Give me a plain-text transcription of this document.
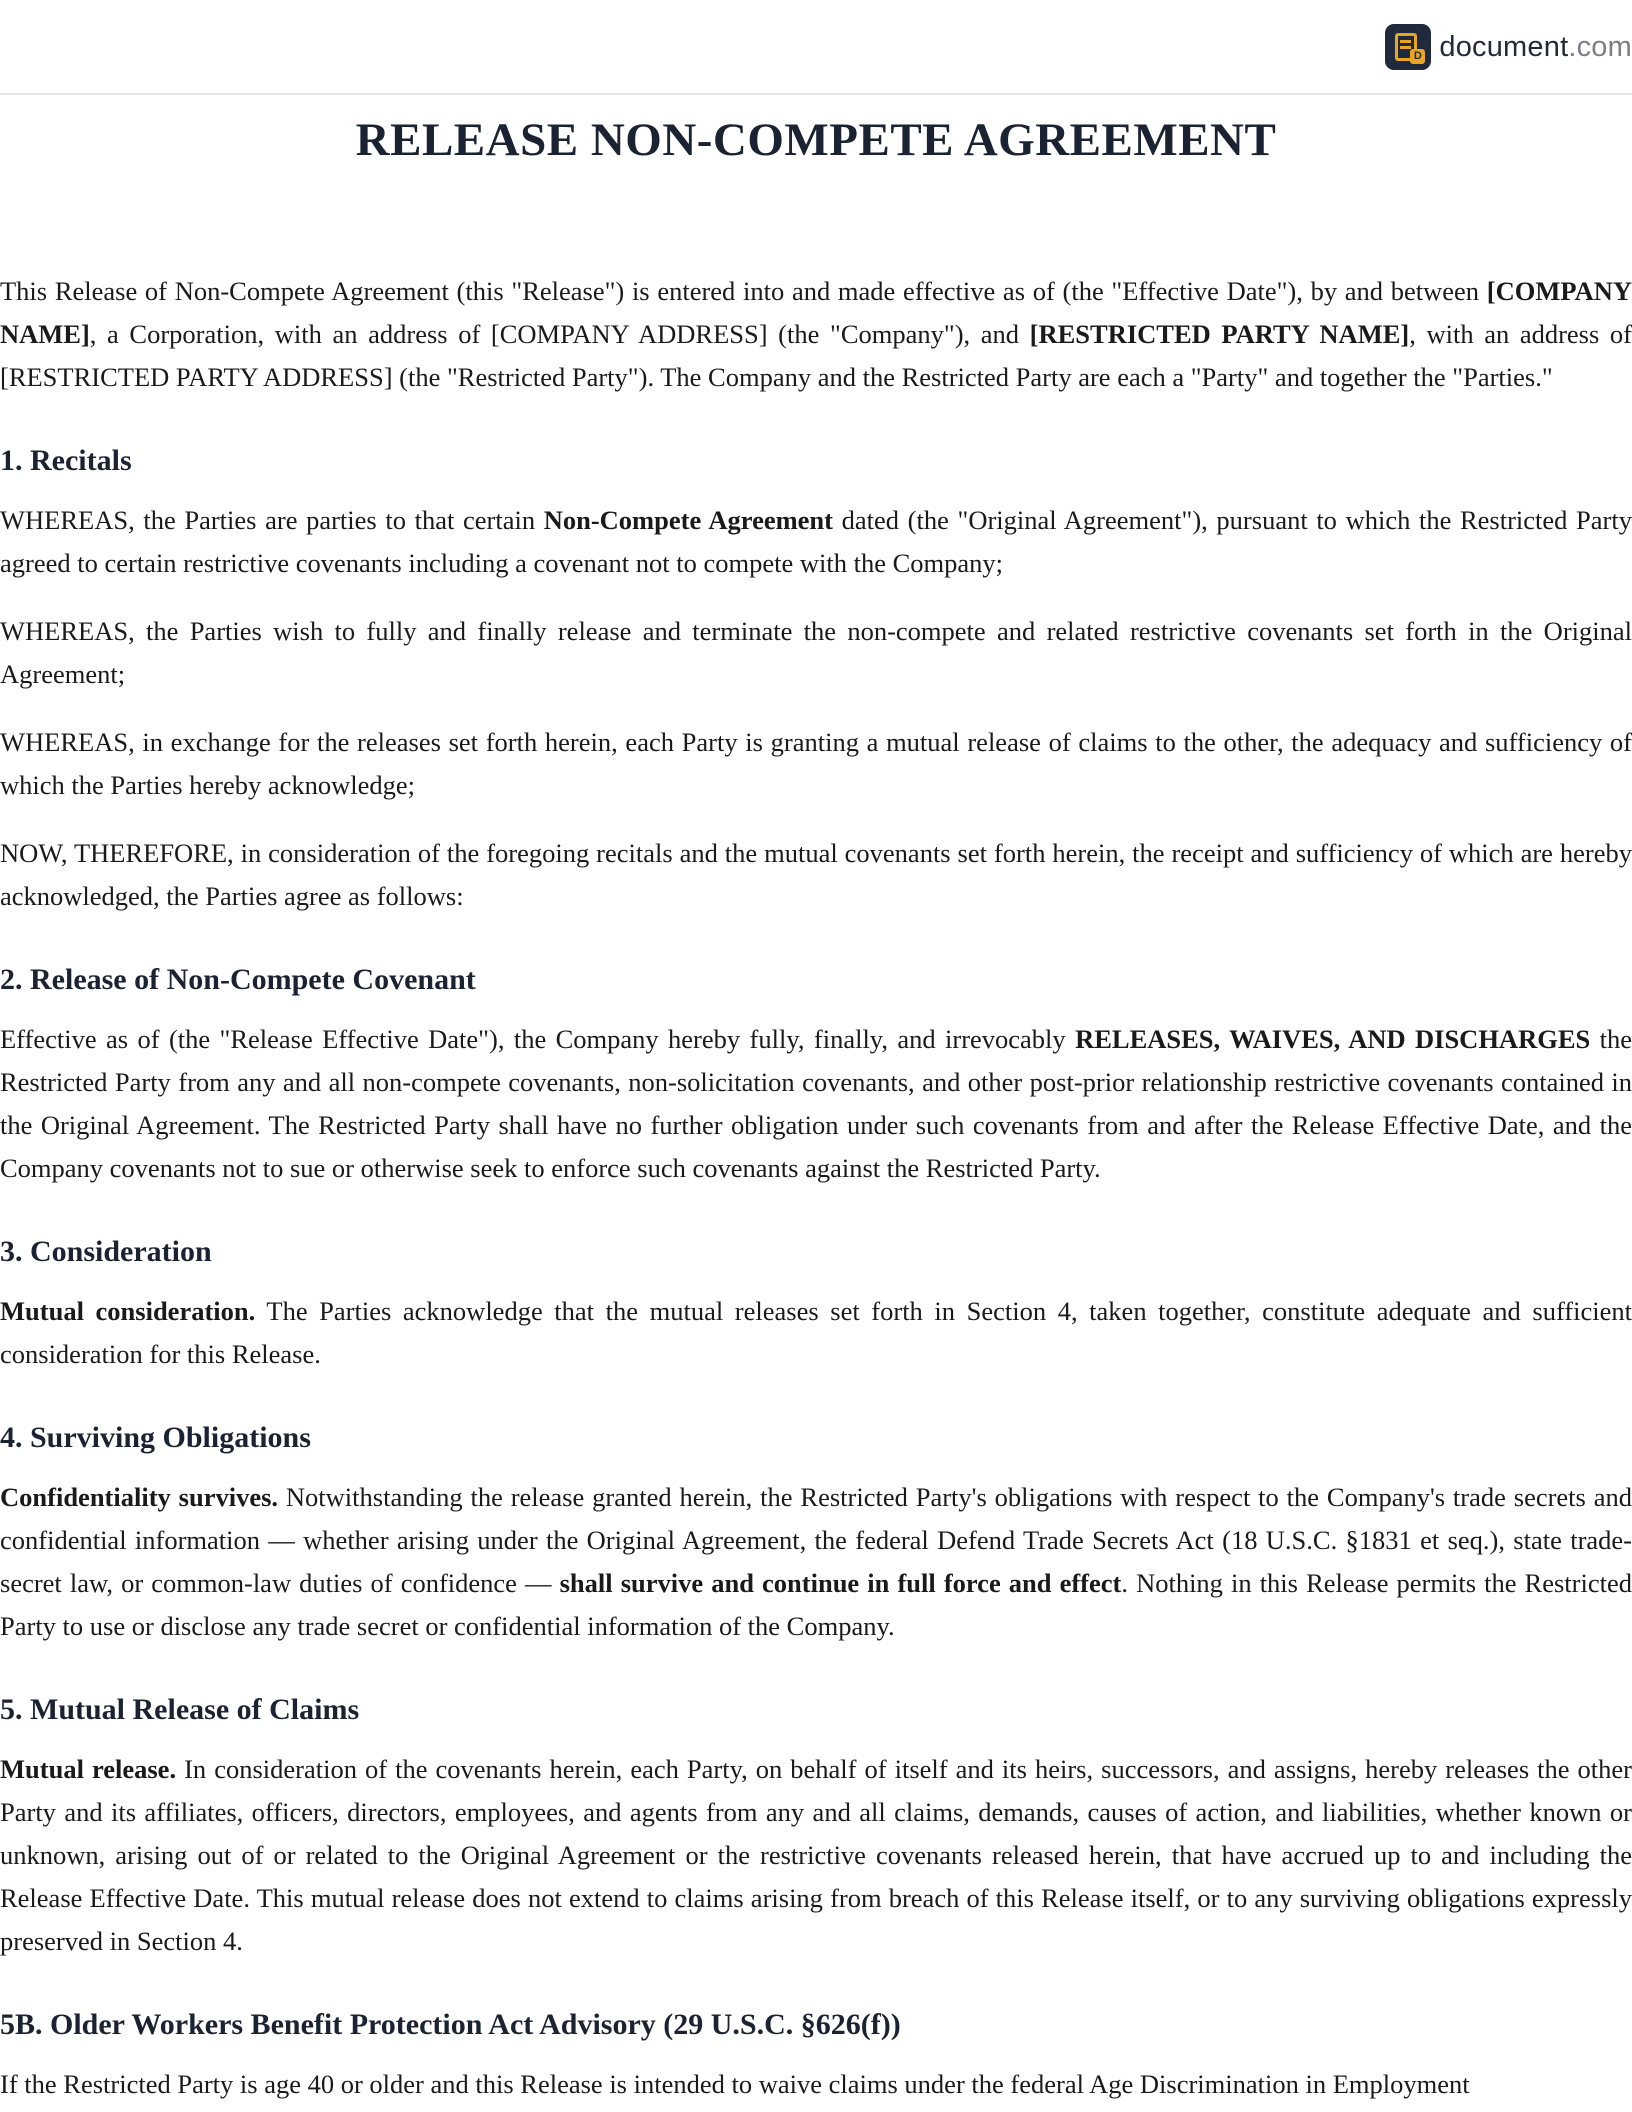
D document.com
RELEASE NON-COMPETE AGREEMENT

This Release of Non-Compete Agreement (this "Release") is entered into and made effective as of (the "Effective Date"), by and between [COMPANY NAME], a Corporation, with an address of [COMPANY ADDRESS] (the "Company"), and [RESTRICTED PARTY NAME], with an address of [RESTRICTED PARTY ADDRESS] (the "Restricted Party"). The Company and the Restricted Party are each a "Party" and together the "Parties."

1. Recitals

WHEREAS, the Parties are parties to that certain Non-Compete Agreement dated (the "Original Agreement"), pursuant to which the Restricted Party agreed to certain restrictive covenants including a covenant not to compete with the Company;

WHEREAS, the Parties wish to fully and finally release and terminate the non-compete and related restrictive covenants set forth in the Original Agreement;

WHEREAS, in exchange for the releases set forth herein, each Party is granting a mutual release of claims to the other, the adequacy and sufficiency of which the Parties hereby acknowledge;

NOW, THEREFORE, in consideration of the foregoing recitals and the mutual covenants set forth herein, the receipt and sufficiency of which are hereby acknowledged, the Parties agree as follows:

2. Release of Non-Compete Covenant

Effective as of (the "Release Effective Date"), the Company hereby fully, finally, and irrevocably RELEASES, WAIVES, AND DISCHARGES the Restricted Party from any and all non-compete covenants, non-solicitation covenants, and other post-prior relationship restrictive covenants contained in the Original Agreement. The Restricted Party shall have no further obligation under such covenants from and after the Release Effective Date, and the Company covenants not to sue or otherwise seek to enforce such covenants against the Restricted Party.

3. Consideration

Mutual consideration. The Parties acknowledge that the mutual releases set forth in Section 4, taken together, constitute adequate and sufficient consideration for this Release.

4. Surviving Obligations

Confidentiality survives. Notwithstanding the release granted herein, the Restricted Party's obligations with respect to the Company's trade secrets and confidential information — whether arising under the Original Agreement, the federal Defend Trade Secrets Act (18 U.S.C. §1831 et seq.), state trade-secret law, or common-law duties of confidence — shall survive and continue in full force and effect. Nothing in this Release permits the Restricted Party to use or disclose any trade secret or confidential information of the Company.

5. Mutual Release of Claims

Mutual release. In consideration of the covenants herein, each Party, on behalf of itself and its heirs, successors, and assigns, hereby releases the other Party and its affiliates, officers, directors, employees, and agents from any and all claims, demands, causes of action, and liabilities, whether known or unknown, arising out of or related to the Original Agreement or the restrictive covenants released herein, that have accrued up to and including the Release Effective Date. This mutual release does not extend to claims arising from breach of this Release itself, or to any surviving obligations expressly preserved in Section 4.

5B. Older Workers Benefit Protection Act Advisory (29 U.S.C. §626(f))

If the Restricted Party is age 40 or older and this Release is intended to waive claims under the federal Age Discrimination in Employment
